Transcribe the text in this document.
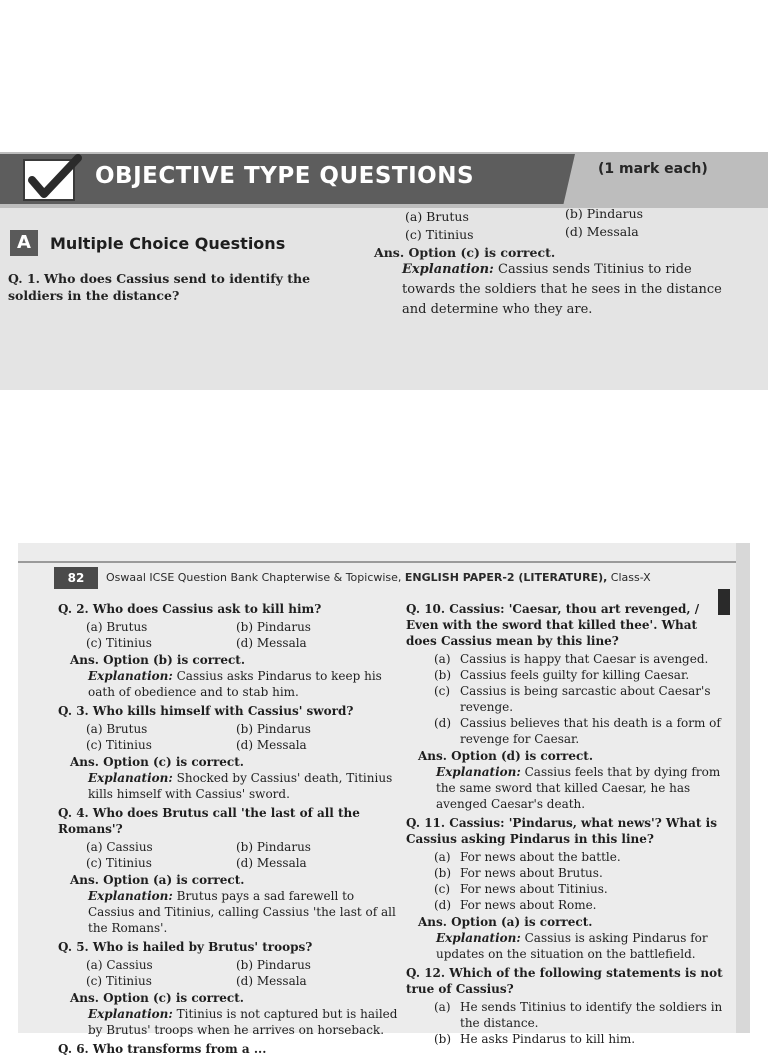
OBJECTIVE TYPE QUESTIONS	(1 mark each)
A	Multiple Choice Questions
Q. 1. Who does Cassius send to identify the soldiers in the distance?
(a) Brutus	(b) Pindarus
(c) Titinius	(d) Messala
Ans. Option (c) is correct.
Explanation: Cassius sends Titinius to ride towards the soldiers that he sees in the distance and determine who they are.
82	Oswaal ICSE Question Bank Chapterwise & Topicwise, ENGLISH PAPER-2 (LITERATURE), Class-X
Q. 2. Who does Cassius ask to kill him?
(a) Brutus	(b) Pindarus
(c) Titinius	(d) Messala
Ans. Option (b) is correct.
Explanation: Cassius asks Pindarus to keep his oath of obedience and to stab him.
Q. 3. Who kills himself with Cassius' sword?
(a) Brutus	(b) Pindarus
(c) Titinius	(d) Messala
Ans. Option (c) is correct.
Explanation: Shocked by Cassius' death, Titinius kills himself with Cassius' sword.
Q. 4. Who does Brutus call 'the last of all the Romans'?
(a) Cassius	(b) Pindarus
(c) Titinius	(d) Messala
Ans. Option (a) is correct.
Explanation: Brutus pays a sad farewell to Cassius and Titinius, calling Cassius 'the last of all the Romans'.
Q. 5. Who is hailed by Brutus' troops?
(a) Cassius	(b) Pindarus
(c) Titinius	(d) Messala
Ans. Option (c) is correct.
Explanation: Titinius is not captured but is hailed by Brutus' troops when he arrives on horseback.
Q. 6. Who transforms from a ...
Q. 10. Cassius: 'Caesar, thou art revenged, / Even with the sword that killed thee'. What does Cassius mean by this line?
(a) Cassius is happy that Caesar is avenged.
(b) Cassius feels guilty for killing Caesar.
(c) Cassius is being sarcastic about Caesar's revenge.
(d) Cassius believes that his death is a form of revenge for Caesar.
Ans. Option (d) is correct.
Explanation: Cassius feels that by dying from the same sword that killed Caesar, he has avenged Caesar's death.
Q. 11. Cassius: 'Pindarus, what news'? What is Cassius asking Pindarus in this line?
(a) For news about the battle.
(b) For news about Brutus.
(c) For news about Titinius.
(d) For news about Rome.
Ans. Option (a) is correct.
Explanation: Cassius is asking Pindarus for updates on the situation on the battlefield.
Q. 12. Which of the following statements is not true of Cassius?
(a) He sends Titinius to identify the soldiers in the distance.
(b) He asks Pindarus to kill him.
